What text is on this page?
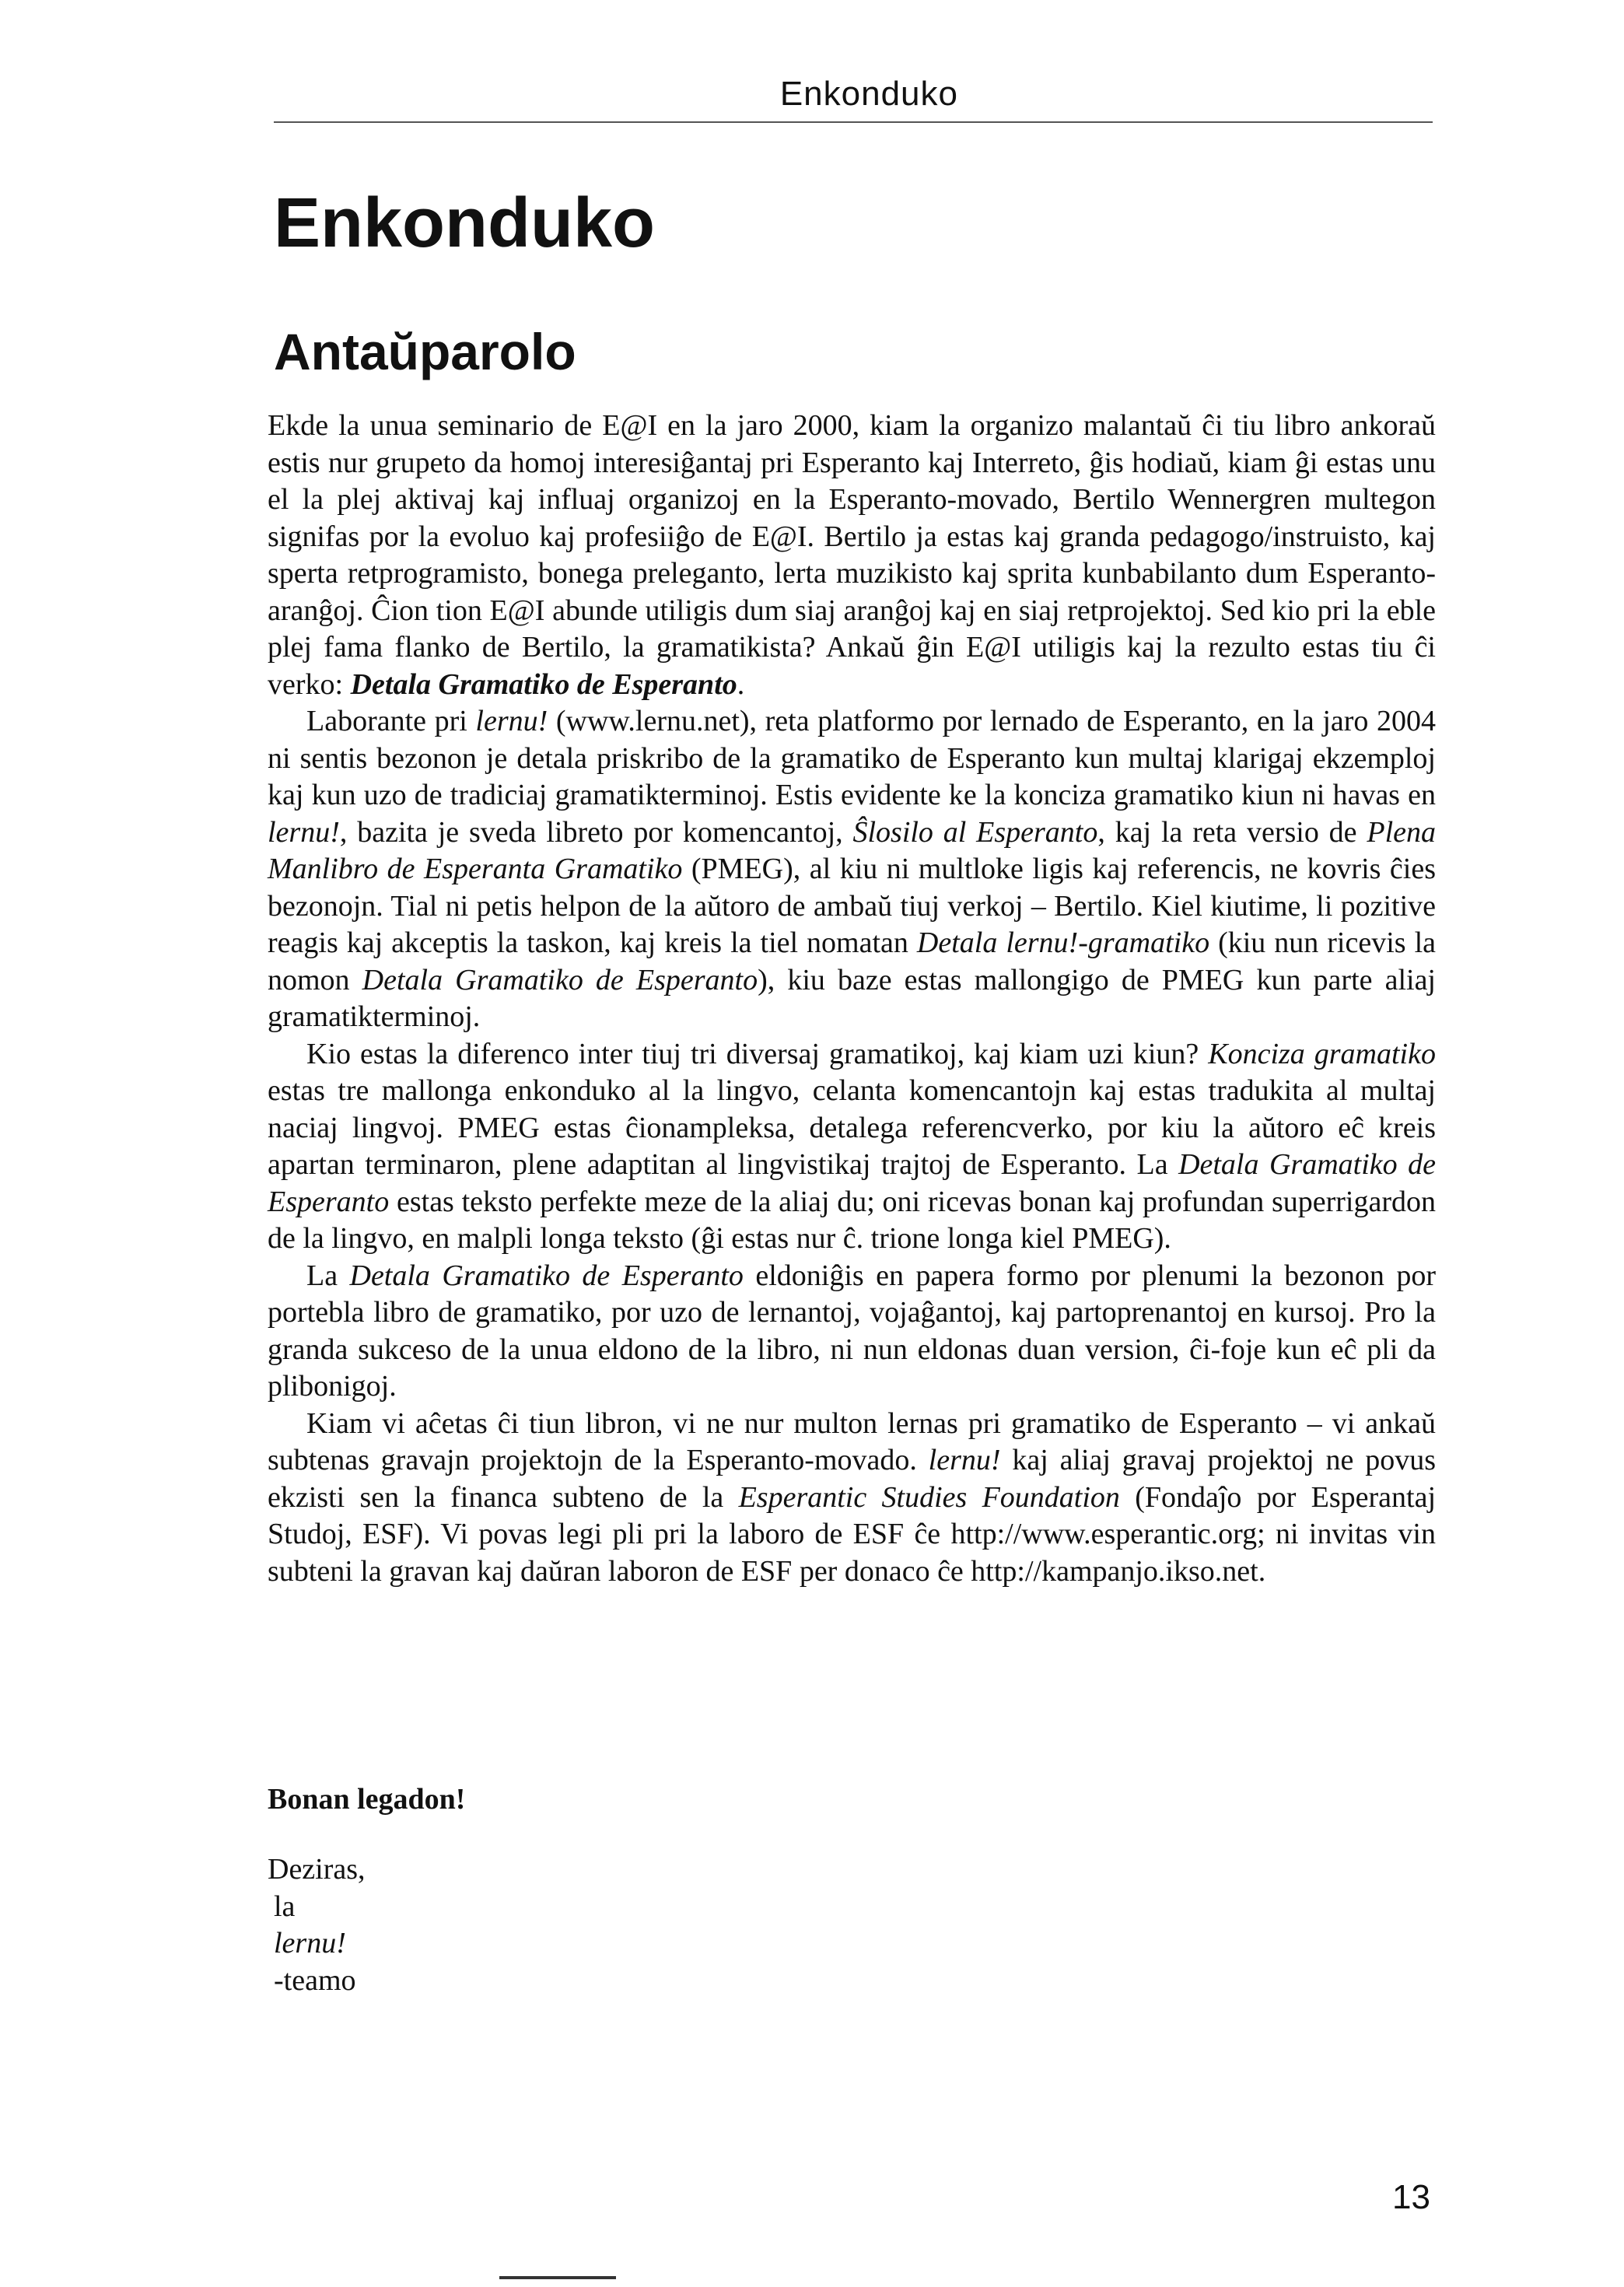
Enkonduko
Enkonduko
Antaŭparolo

Ekde la unua seminario de E@I en la jaro 2000, kiam la organizo malantaŭ ĉi tiu libro ankoraŭ estis nur grupeto da homoj interesiĝantaj pri Esperanto kaj Interreto, ĝis hodiaŭ, kiam ĝi estas unu el la plej aktivaj kaj influaj organizoj en la Esperanto-movado, Bertilo Wennergren multegon signifas por la evoluo kaj profesiiĝo de E@I. Bertilo ja estas kaj granda pedagogo/instruisto, kaj sperta retprogramisto, bonega preleganto, lerta muzikisto kaj sprita kunbabilanto dum Esperanto-aranĝoj. Ĉion tion E@I abunde utiligis dum siaj aranĝoj kaj en siaj retprojektoj. Sed kio pri la eble plej fama flanko de Bertilo, la gramatikista? Ankaŭ ĝin E@I utiligis kaj la rezulto estas tiu ĉi verko: Detala Gramatiko de Esperanto.

Laborante pri lernu! (www.lernu.net), reta platformo por lernado de Esperanto, en la jaro 2004 ni sentis bezonon je detala priskribo de la gramatiko de Esperanto kun multaj klarigaj ekzemploj kaj kun uzo de tradiciaj gramatikterminoj. Estis evidente ke la konciza gramatiko kiun ni havas en lernu!, bazita je sveda libreto por komencantoj, Ŝlosilo al Esperanto, kaj la reta versio de Plena Manlibro de Esperanta Gramatiko (PMEG), al kiu ni multloke ligis kaj referencis, ne kovris ĉies bezonojn. Tial ni petis helpon de la aŭtoro de ambaŭ tiuj verkoj – Bertilo. Kiel kiutime, li pozitive reagis kaj akceptis la taskon, kaj kreis la tiel nomatan Detala lernu!-gramatiko (kiu nun ricevis la nomon Detala Gramatiko de Esperanto), kiu baze estas mallongigo de PMEG kun parte aliaj gramatikterminoj.

Kio estas la diferenco inter tiuj tri diversaj gramatikoj, kaj kiam uzi kiun? Konciza gramatiko estas tre mallonga enkonduko al la lingvo, celanta komencantojn kaj estas tradukita al multaj naciaj lingvoj. PMEG estas ĉionampleksa, detalega referencverko, por kiu la aŭtoro eĉ kreis apartan terminaron, plene adaptitan al lingvistikaj trajtoj de Esperanto. La Detala Gramatiko de Esperanto estas teksto perfekte meze de la aliaj du; oni ricevas bonan kaj profundan superrigardon de la lingvo, en malpli longa teksto (ĝi estas nur ĉ. trione longa kiel PMEG).

La Detala Gramatiko de Esperanto eldoniĝis en papera formo por plenumi la bezonon por portebla libro de gramatiko, por uzo de lernantoj, vojaĝantoj, kaj partoprenantoj en kursoj. Pro la granda sukceso de la unua eldono de la libro, ni nun eldonas duan version, ĉi-foje kun eĉ pli da plibonigoj.

Kiam vi aĉetas ĉi tiun libron, vi ne nur multon lernas pri gramatiko de Esperanto – vi ankaŭ subtenas gravajn projektojn de la Esperanto-movado. lernu! kaj aliaj gravaj projektoj ne povus ekzisti sen la financa subteno de la Esperantic Studies Foundation (Fondaĵo por Esperantaj Studoj, ESF). Vi povas legi pli pri la laboro de ESF ĉe http://www.esperantic.org; ni invitas vin subteni la gravan kaj daŭran laboron de ESF per donaco ĉe http://kampanjo.ikso.net.

Bonan legadon!
Deziras,
la
lernu!
-teamo
13
